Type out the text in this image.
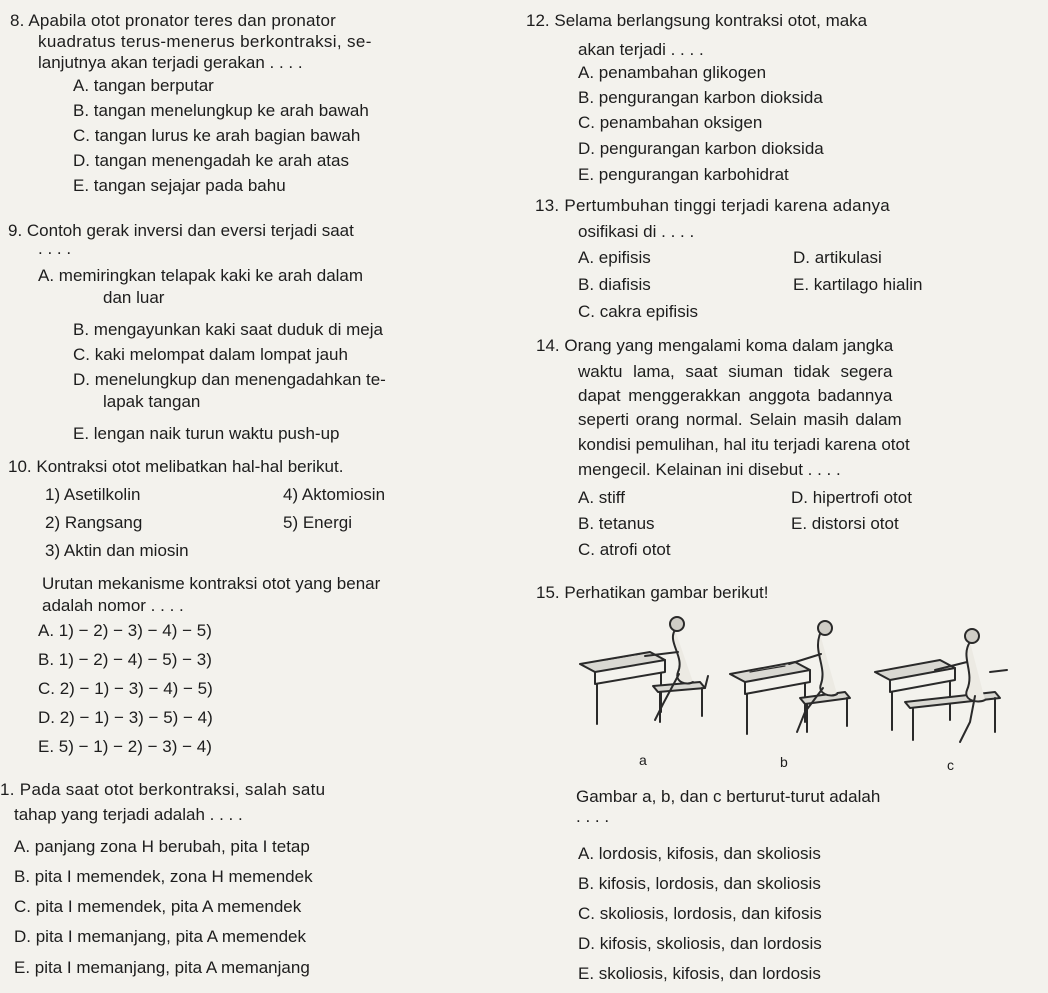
8. Apabila otot pronator teres dan pronator
kuadratus terus-menerus berkontraksi, se-
lanjutnya akan terjadi gerakan . . . .
A. tangan berputar
B. tangan menelungkup ke arah bawah
C. tangan lurus ke arah bagian bawah
D. tangan menengadah ke arah atas
E. tangan sejajar pada bahu
9. Contoh gerak inversi dan eversi terjadi saat
. . . .
A. memiringkan telapak kaki ke arah dalam
dan luar
B. mengayunkan kaki saat duduk di meja
C. kaki melompat dalam lompat jauh
D. menelungkup dan menengadahkan te-
lapak tangan
E. lengan naik turun waktu push-up
10. Kontraksi otot melibatkan hal-hal berikut.
1) Asetilkolin
2) Rangsang
3) Aktin dan miosin
4) Aktomiosin
5) Energi
Urutan mekanisme kontraksi otot yang benar
adalah nomor . . . .
A. 1) − 2) − 3) − 4) − 5)
B. 1) − 2) − 4) − 5) − 3)
C. 2) − 1) − 3) − 4) − 5)
D. 2) − 1) − 3) − 5) − 4)
E. 5) − 1) − 2) − 3) − 4)
1. Pada saat otot berkontraksi, salah satu
tahap yang terjadi adalah . . . .
A. panjang zona H berubah, pita I tetap
B. pita I memendek, zona H memendek
C. pita I memendek, pita A memendek
D. pita I memanjang, pita A memendek
E. pita I memanjang, pita A memanjang
12. Selama berlangsung kontraksi otot, maka
akan terjadi . . . .
A. penambahan glikogen
B. pengurangan karbon dioksida
C. penambahan oksigen
D. pengurangan karbon dioksida
E. pengurangan karbohidrat
13. Pertumbuhan tinggi terjadi karena adanya
osifikasi di . . . .
A. epifisis
B. diafisis
C. cakra epifisis
D. artikulasi
E. kartilago hialin
14. Orang yang mengalami koma dalam jangka
waktu lama, saat siuman tidak segera
dapat menggerakkan anggota badannya
seperti orang normal. Selain masih dalam
kondisi pemulihan, hal itu terjadi karena otot
mengecil. Kelainan ini disebut . . . .
A. stiff
B. tetanus
C. atrofi otot
D. hipertrofi otot
E. distorsi otot
15. Perhatikan gambar berikut!
a	b	c
Gambar a, b, dan c berturut-turut adalah
. . . .
A. lordosis, kifosis, dan skoliosis
B. kifosis, lordosis, dan skoliosis
C. skoliosis, lordosis, dan kifosis
D. kifosis, skoliosis, dan lordosis
E. skoliosis, kifosis, dan lordosis
